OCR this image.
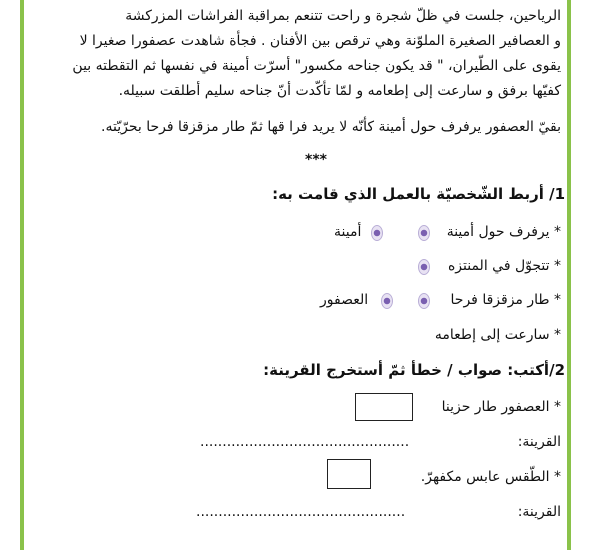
الرياحين، جلست في ظلّ شجرة و راحت تتنعم بمراقبة الفراشات المزركشة
و العصافير الصغيرة الملوّنة وهي ترقص بين الأفنان . فجأة شاهدت عصفورا صغيرا لا
يقوى على الطّيران، " قد يكون جناحه مكسور" أسرّت أمينة في نفسها ثم التقطته بين
كفيّها برفق و سارعت إلى إطعامه و لمّا تأكّدت أنّ جناحه سليم أطلقت سبيله.
بقيّ العصفور يرفرف حول أمينة كأنّه لا يريد فرا قها ثمّ طار مزقزقا فرحا بحرّيّته.
***
1/ أربط الشّخصيّة بالعمل الذي قامت به:
* يرفرف حول أمينة
أمينة
* تتجوّل في المنتزه
* طار مزقزقا فرحا
العصفور
* سارعت إلى إطعامه
2/أكتب: صواب / خطأ ثمّ أستخرج القرينة:
* العصفور طار حزينا
القرينة:
...............................................
* الطّقس عابس مكفهرّ.
القرينة:
...............................................
